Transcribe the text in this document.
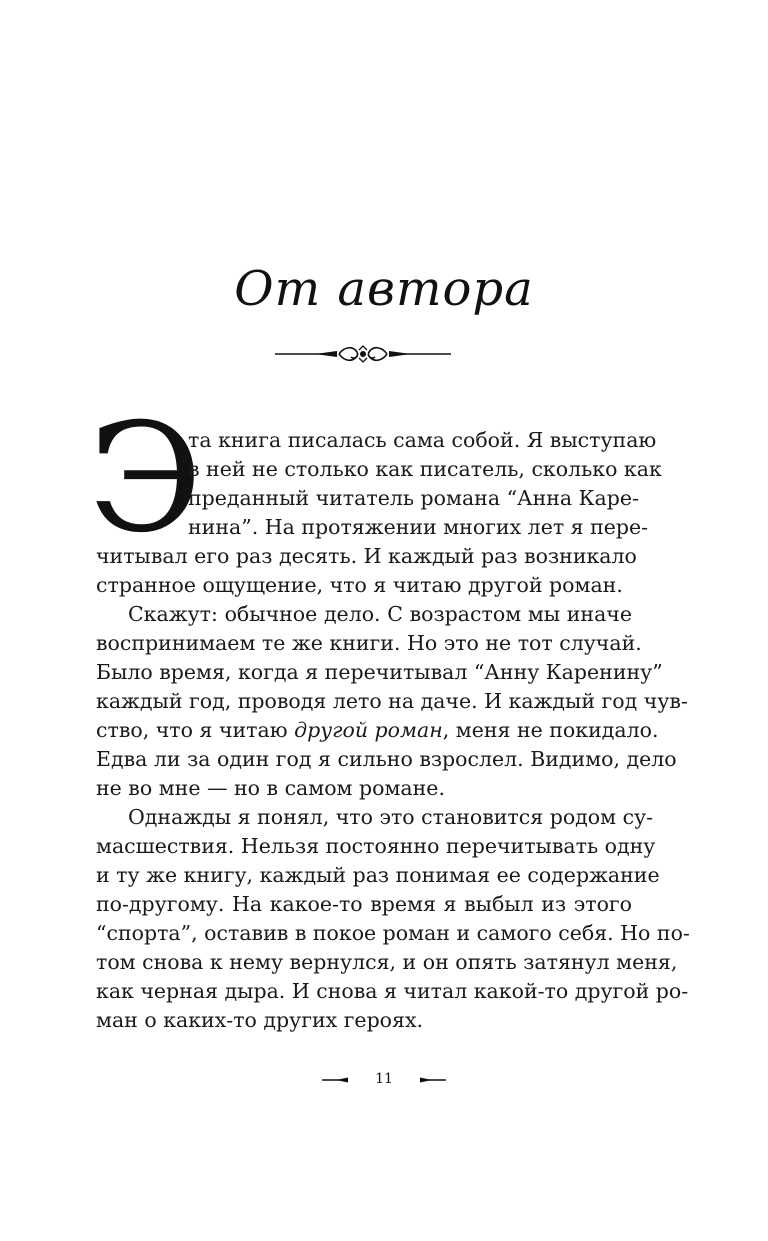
От автора
Э
та книга писалась сама собой. Я выступаю
в ней не столько как писатель, сколько как
преданный читатель романа “Анна Каре-
нина”. На протяжении многих лет я пере-
читывал его раз десять. И каждый раз возникало
странное ощущение, что я читаю другой роман.
Скажут: обычное дело. С возрастом мы иначе
воспринимаем те же книги. Но это не тот случай.
Было время, когда я перечитывал “Анну Каренину”
каждый год, проводя лето на даче. И каждый год чув-
ство, что я читаю другой роман, меня не покидало.
Едва ли за один год я сильно взрослел. Видимо, дело
не во мне — но в самом романе.
Однажды я понял, что это становится родом су-
масшествия. Нельзя постоянно перечитывать одну
и ту же книгу, каждый раз понимая ее содержание
по-другому. На какое-то время я выбыл из этого
“спорта”, оставив в покое роман и самого себя. Но по-
том снова к нему вернулся, и он опять затянул меня,
как черная дыра. И снова я читал какой-то другой ро-
ман о каких-то других героях.
11
